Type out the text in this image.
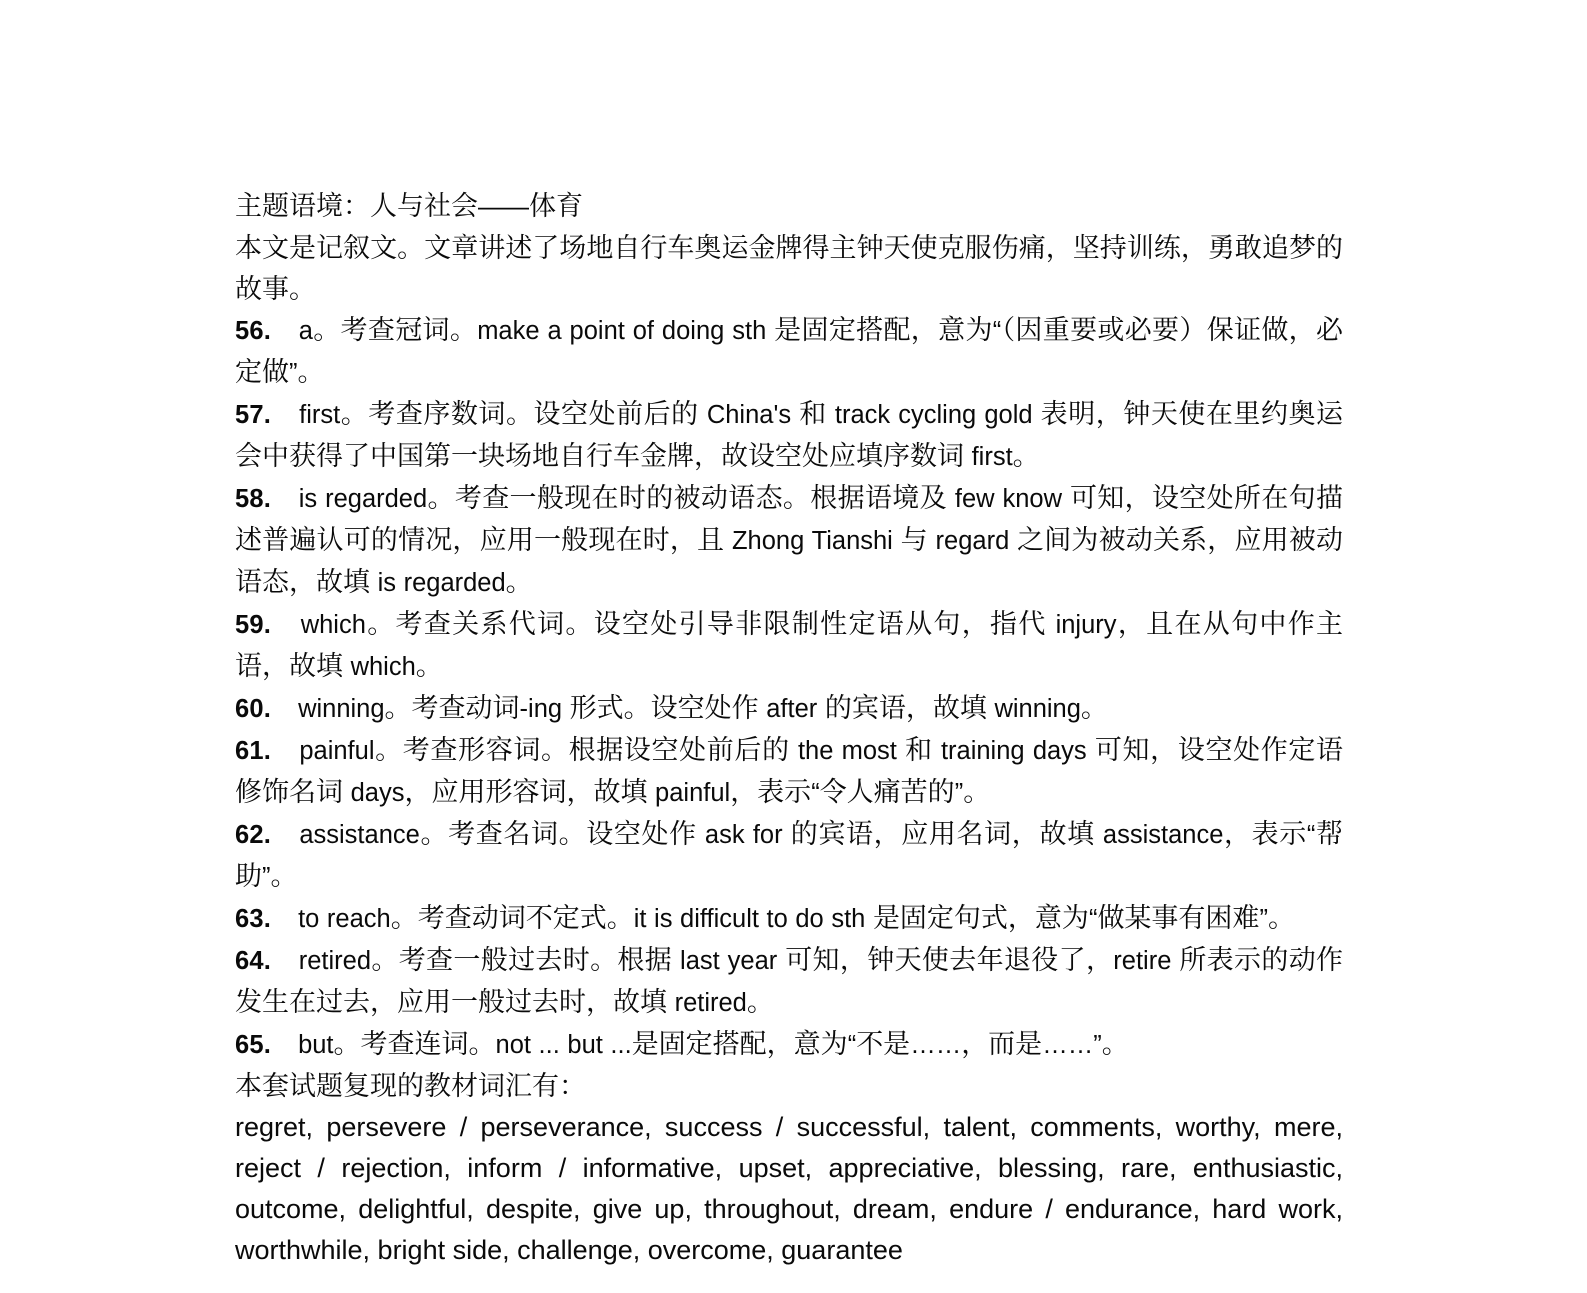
主题语境：人与社会——体育

本文是记叙文。文章讲述了场地自行车奥运金牌得主钟天使克服伤痛，坚持训练，勇敢追梦的故事。

56.　 a。考查冠词。make a point of doing sth 是固定搭配，意为“（因重要或必要）保证做，必定做”。

57.　 first。考查序数词。设空处前后的 China's 和 track cycling gold 表明，钟天使在里约奥运会中获得了中国第一块场地自行车金牌，故设空处应填序数词 first。

58.　 is regarded。考查一般现在时的被动语态。根据语境及 few know 可知，设空处所在句描述普遍认可的情况，应用一般现在时，且 Zhong Tianshi 与 regard 之间为被动关系，应用被动语态，故填 is regarded。

59.　 which。考查关系代词。设空处引导非限制性定语从句，指代 injury，且在从句中作主语，故填 which。

60.　 winning。考查动词-ing 形式。设空处作 after 的宾语，故填 winning。

61.　 painful。考查形容词。根据设空处前后的 the most 和 training days 可知，设空处作定语修饰名词 days，应用形容词，故填 painful，表示“令人痛苦的”。

62.　 assistance。考查名词。设空处作 ask for 的宾语，应用名词，故填 assistance，表示“帮助”。

63.　 to reach。考查动词不定式。it is difficult to do sth 是固定句式，意为“做某事有困难”。

64.　 retired。考查一般过去时。根据 last year 可知，钟天使去年退役了，retire 所表示的动作发生在过去，应用一般过去时，故填 retired。

65.　 but。考查连词。not ... but ...是固定搭配，意为“不是……，而是……”。

本套试题复现的教材词汇有：

regret, persevere / perseverance, success / successful, talent, comments, worthy, mere, reject / rejection, inform / informative, upset, appreciative, blessing, rare, enthusiastic, outcome, delightful, despite, give up, throughout, dream, endure / endurance, hard work, worthwhile, bright side, challenge, overcome, guarantee
